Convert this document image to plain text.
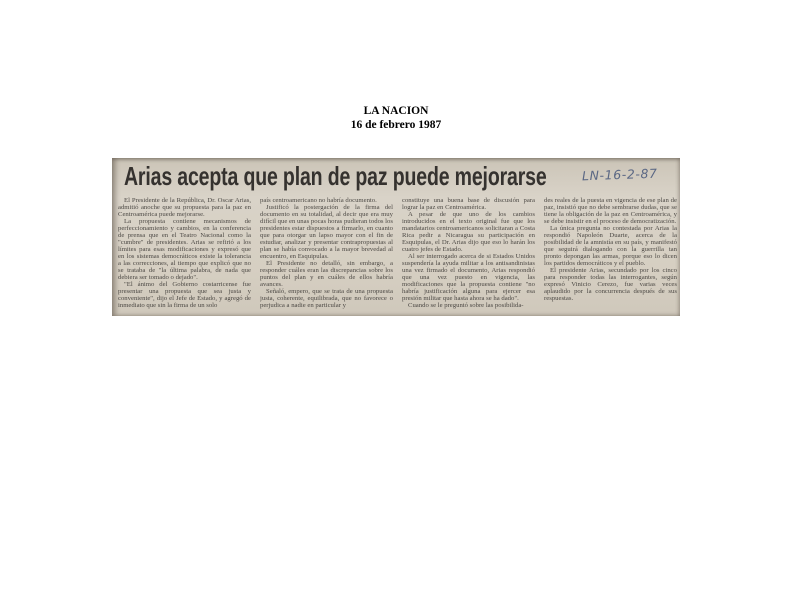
LA NACION
16 de febrero 1987
Arias acepta que plan de paz puede mejorarse	LN-16-2-87

El Presidente de la República, Dr. Oscar Arias, admitió anoche que su propuesta para la paz en Centroamérica puede mejorarse.

La propuesta contiene mecanismos de perfeccionamiento y cambios, en la conferencia de prensa que en el Teatro Nacional como la "cumbre" de presidentes. Arias se refirió a los límites para esas modificaciones y expresó que en los sistemas democráticos existe la tolerancia a las correcciones, al tiempo que explicó que no se trataba de "la última palabra, de nada que debiera ser tomado o dejado".

"El ánimo del Gobierno costarricense fue presentar una propuesta que sea justa y conveniente", dijo el Jefe de Estado, y agregó de inmediato que sin la firma de un solo

país centroamericano no habría documento.

Justificó la postergación de la firma del documento en su totalidad, al decir que era muy difícil que en unas pocas horas pudieran todos los presidentes estar dispuestos a firmarlo, en cuanto que para otorgar un lapso mayor con el fin de estudiar, analizar y presentar contrapropuestas al plan se había convocado a la mayor brevedad al encuentro, en Esquipulas.

El Presidente no detalló, sin embargo, a responder cuáles eran las discrepancias sobre los puntos del plan y en cuáles de ellos habría avances.

Señaló, empero, que se trata de una propuesta justa, coherente, equilibrada, que no favorece o perjudica a nadie en particular y

constituye una buena base de discusión para lograr la paz en Centroamérica.

A pesar de que uno de los cambios introducidos en el texto original fue que los mandatarios centroamericanos solicitaran a Costa Rica pedir a Nicaragua su participación en Esquipulas, el Dr. Arias dijo que eso lo harán los cuatro jefes de Estado.

Al ser interrogado acerca de si Estados Unidos suspendería la ayuda militar a los antisandinistas una vez firmado el documento, Arias respondió que una vez puesto en vigencia, las modificaciones que la propuesta contiene "no habría justificación alguna para ejercer esa presión militar que hasta ahora se ha dado".

Cuando se le preguntó sobre las posibilida-

des reales de la puesta en vigencia de ese plan de paz, insistió que no debe sembrarse dudas, que se tiene la obligación de la paz en Centroamérica, y se debe insistir en el proceso de democratización.

La única pregunta no contestada por Arias la respondió Napoleón Duarte, acerca de la posibilidad de la amnistía en su país, y manifestó que seguirá dialogando con la guerrilla tan pronto depongan las armas, porque eso lo dicen los partidos democráticos y el pueblo.

El presidente Arias, secundado por los cinco para responder todas las interrogantes, según expresó Vinicio Cerezo, fue varias veces aplaudido por la concurrencia después de sus respuestas.
